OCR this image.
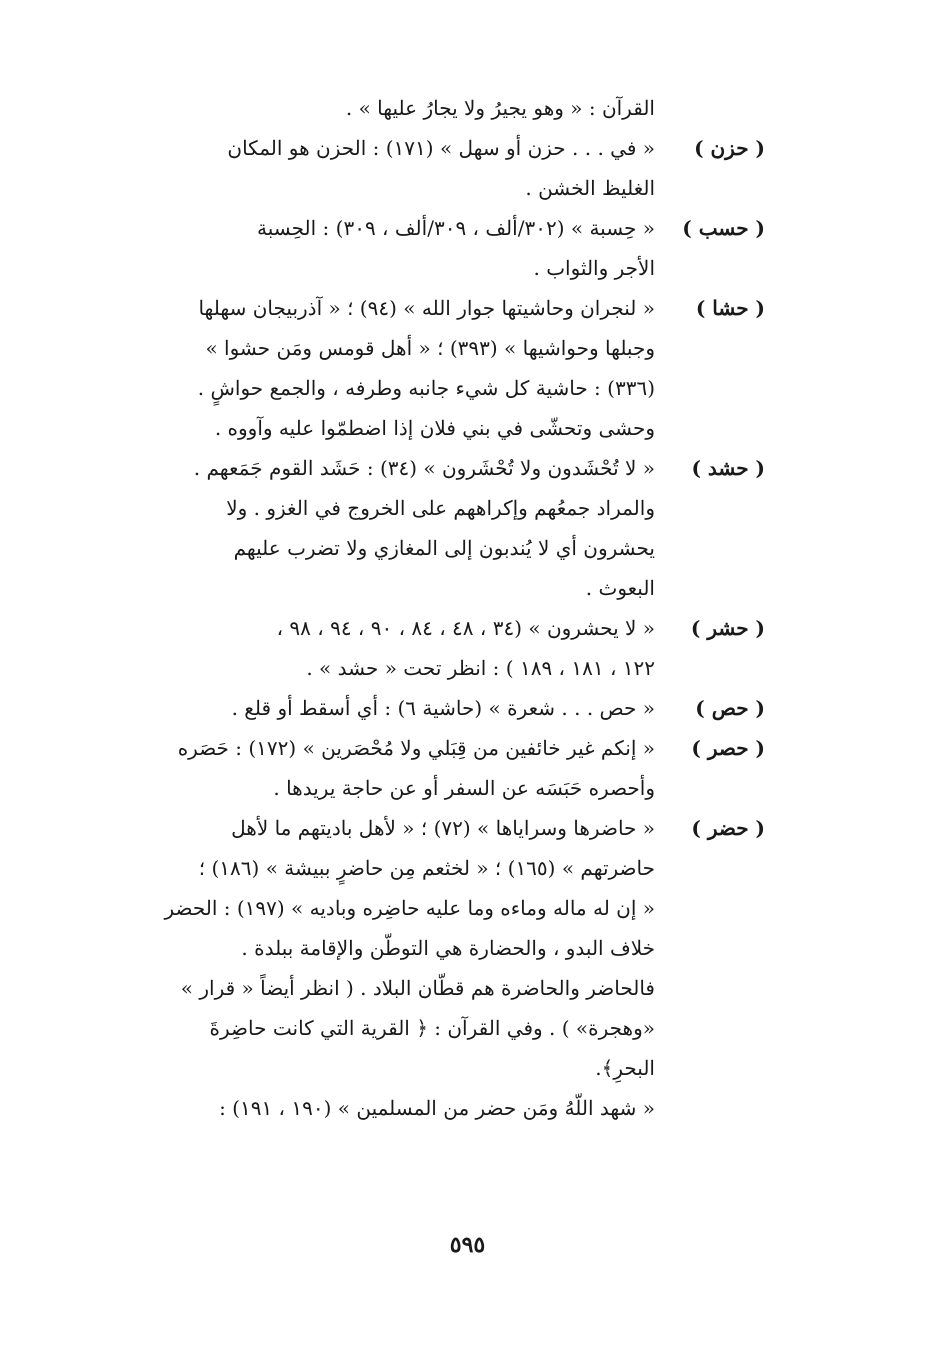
القرآن : « وهو يجيرُ ولا يجارُ عليها » .
( حزن )
« في . . . حزن أو سهل » (١٧١) : الحزن هو المكان
الغليظ الخشن .
( حسب )
« حِسبة » (٣٠٢/ألف ، ٣٠٩/ألف ، ٣٠٩) : الحِسبة
الأجر والثواب .
( حشا )
« لنجران وحاشيتها جوار الله » (٩٤) ؛ « آذربيجان سهلها
وجبلها وحواشيها » (٣٩٣) ؛ « أهل قومس ومَن حشوا »
(٣٣٦) : حاشية كل شيء جانبه وطرفه ، والجمع حواشٍ .
وحشى وتحشّى في بني فلان إذا اضطمّوا عليه وآووه .
( حشد )
« لا تُحْشَدون ولا تُحْشَرون » (٣٤) : حَشَد القوم جَمَعهم .
والمراد جمعُهم وإكراههم على الخروج في الغزو . ولا
يحشرون أي لا يُندبون إلى المغازي ولا تضرب عليهم
البعوث .
( حشر )
« لا يحشرون » (٣٤ ، ٤٨ ، ٨٤ ، ٩٠ ، ٩٤ ، ٩٨ ،
١٢٢ ، ١٨١ ، ١٨٩ ) : انظر تحت « حشد » .
( حص )
« حص . . . شعرة » (حاشية ٦) : أي أسقط أو قلع .
( حصر )
« إنكم غير خائفين من قِبَلي ولا مُحْصَرين » (١٧٢) : حَصَره
وأحصره حَبَسَه عن السفر أو عن حاجة يريدها .
( حضر )
« حاضرها وسراياها » (٧٢) ؛ « لأهل باديتهم ما لأهل
حاضرتهم » (١٦٥) ؛ « لخثعم مِن حاضرٍ ببيشة » (١٨٦) ؛
« إن له ماله وماءه وما عليه حاضِره وباديه » (١٩٧) : الحضر
خلاف البدو ، والحضارة هي التوطّن والإقامة ببلدة .
فالحاضر والحاضرة هم قطّان البلاد . ( انظر أيضاً « قرار »
«وهجرة» ) . وفي القرآن : ﴿ القرية التي كانت حاضِرةَ
البحرِ﴾.
« شهد اللّهُ ومَن حضر من المسلمين » (١٩٠ ، ١٩١) :
٥٩٥
